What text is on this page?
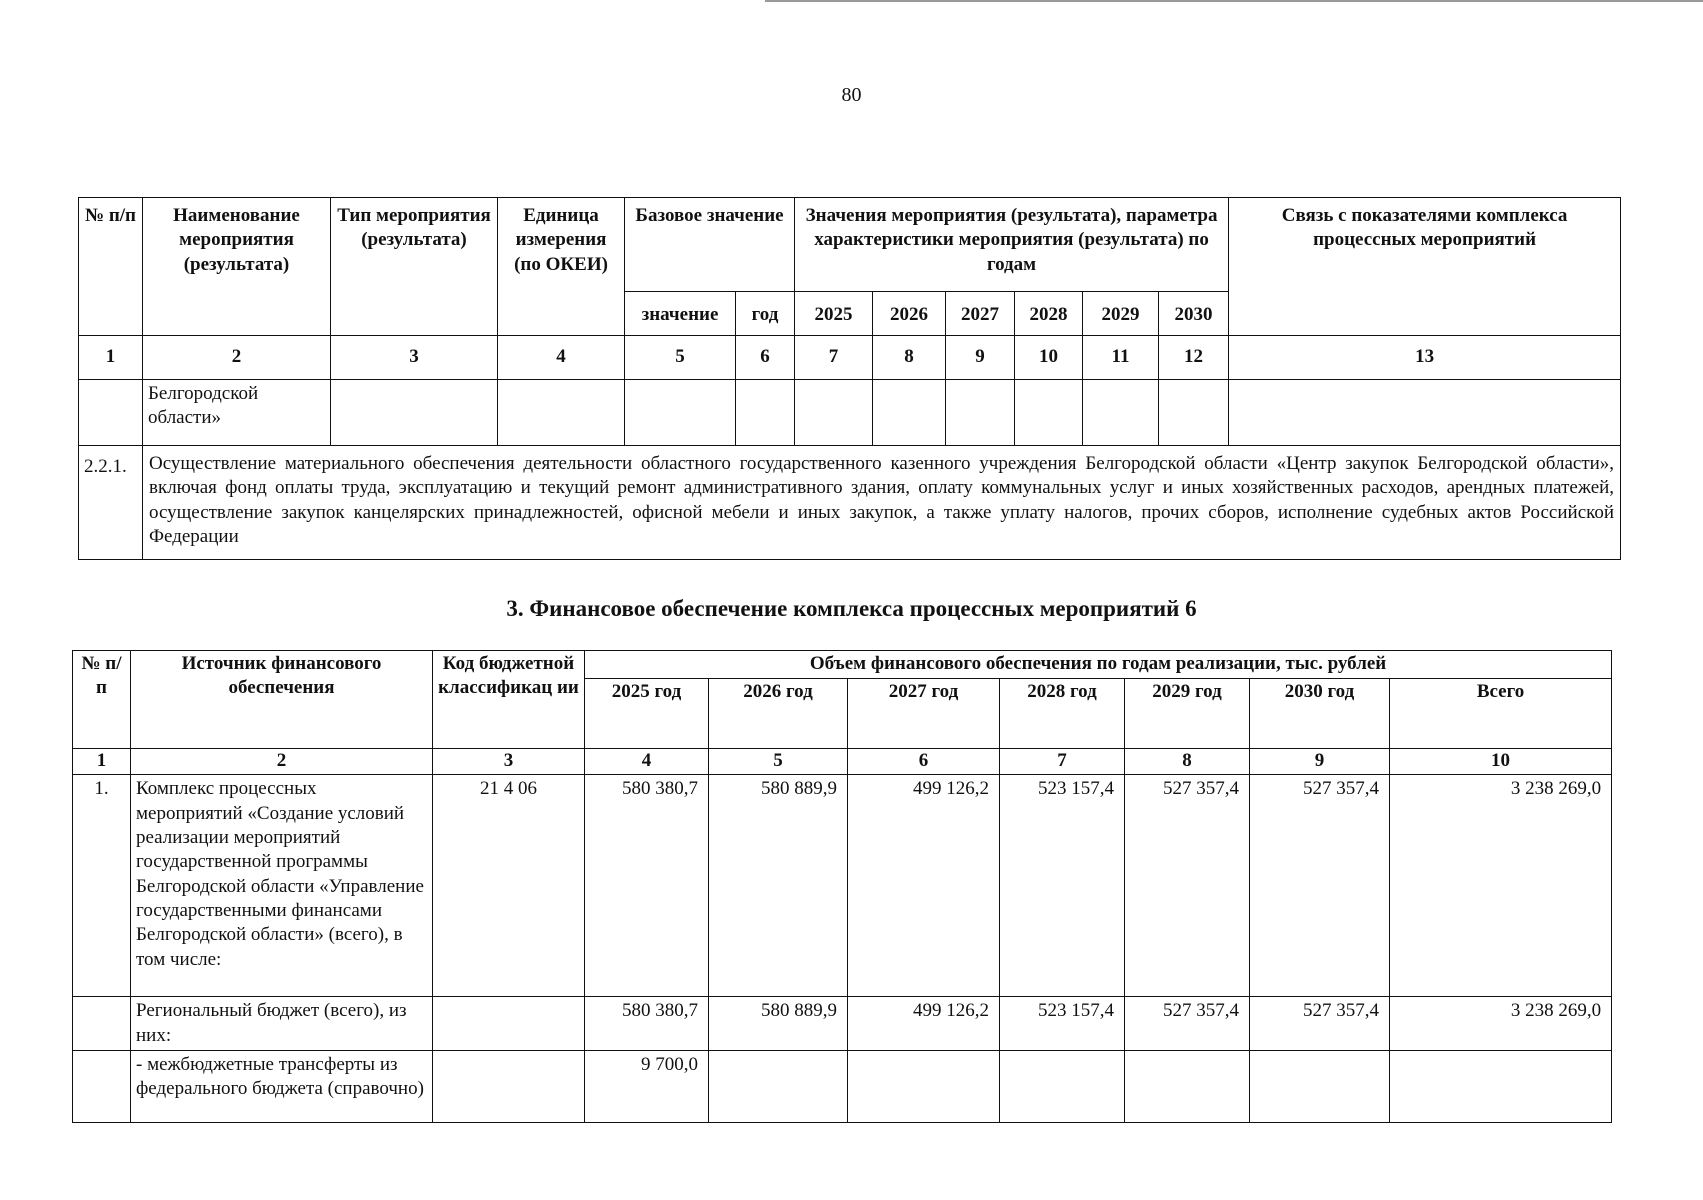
80
№ п/п	Наименование мероприятия (результата)	Тип мероприятия (результата)	Единица измерения (по ОКЕИ)	Базовое значение		Значения мероприятия (результата), параметра характеристики мероприятия (результата) по годам						Связь с показателями комплекса процессных мероприятий
				значение	год	2025	2026	2027	2028	2029	2030	
1	2	3	4	5	6	7	8	9	10	11	12	13
	Белгородской области»											
2.2.1.	Осуществление материального обеспечения деятельности областного государственного казенного учреждения Белгородской области «Центр закупок Белгородской области», включая фонд оплаты труда, эксплуатацию и текущий ремонт административного здания, оплату коммунальных услуг и иных хозяйственных расходов, арендных платежей, осуществление закупок канцелярских принадлежностей, офисной мебели и иных закупок, а также уплату налогов, прочих сборов, исполнение судебных актов Российской Федерации											
3. Финансовое обеспечение комплекса процессных мероприятий 6
№ п/п	Источник финансового обеспечения	Код бюджетной классификац ии	Объем финансового обеспечения по годам реализации, тыс. рублей						
			2025 год	2026 год	2027 год	2028 год	2029 год	2030 год	Всего
1	2	3	4	5	6	7	8	9	10
1.	Комплекс процессных мероприятий «Создание условий реализации мероприятий государственной программы Белгородской области «Управление государственными финансами Белгородской области» (всего), в том числе:	21 4 06	580 380,7	580 889,9	499 126,2	523 157,4	527 357,4	527 357,4	3 238 269,0
	Региональный бюджет (всего), из них:		580 380,7	580 889,9	499 126,2	523 157,4	527 357,4	527 357,4	3 238 269,0
	- межбюджетные трансферты из федерального бюджета (справочно)		9 700,0						
